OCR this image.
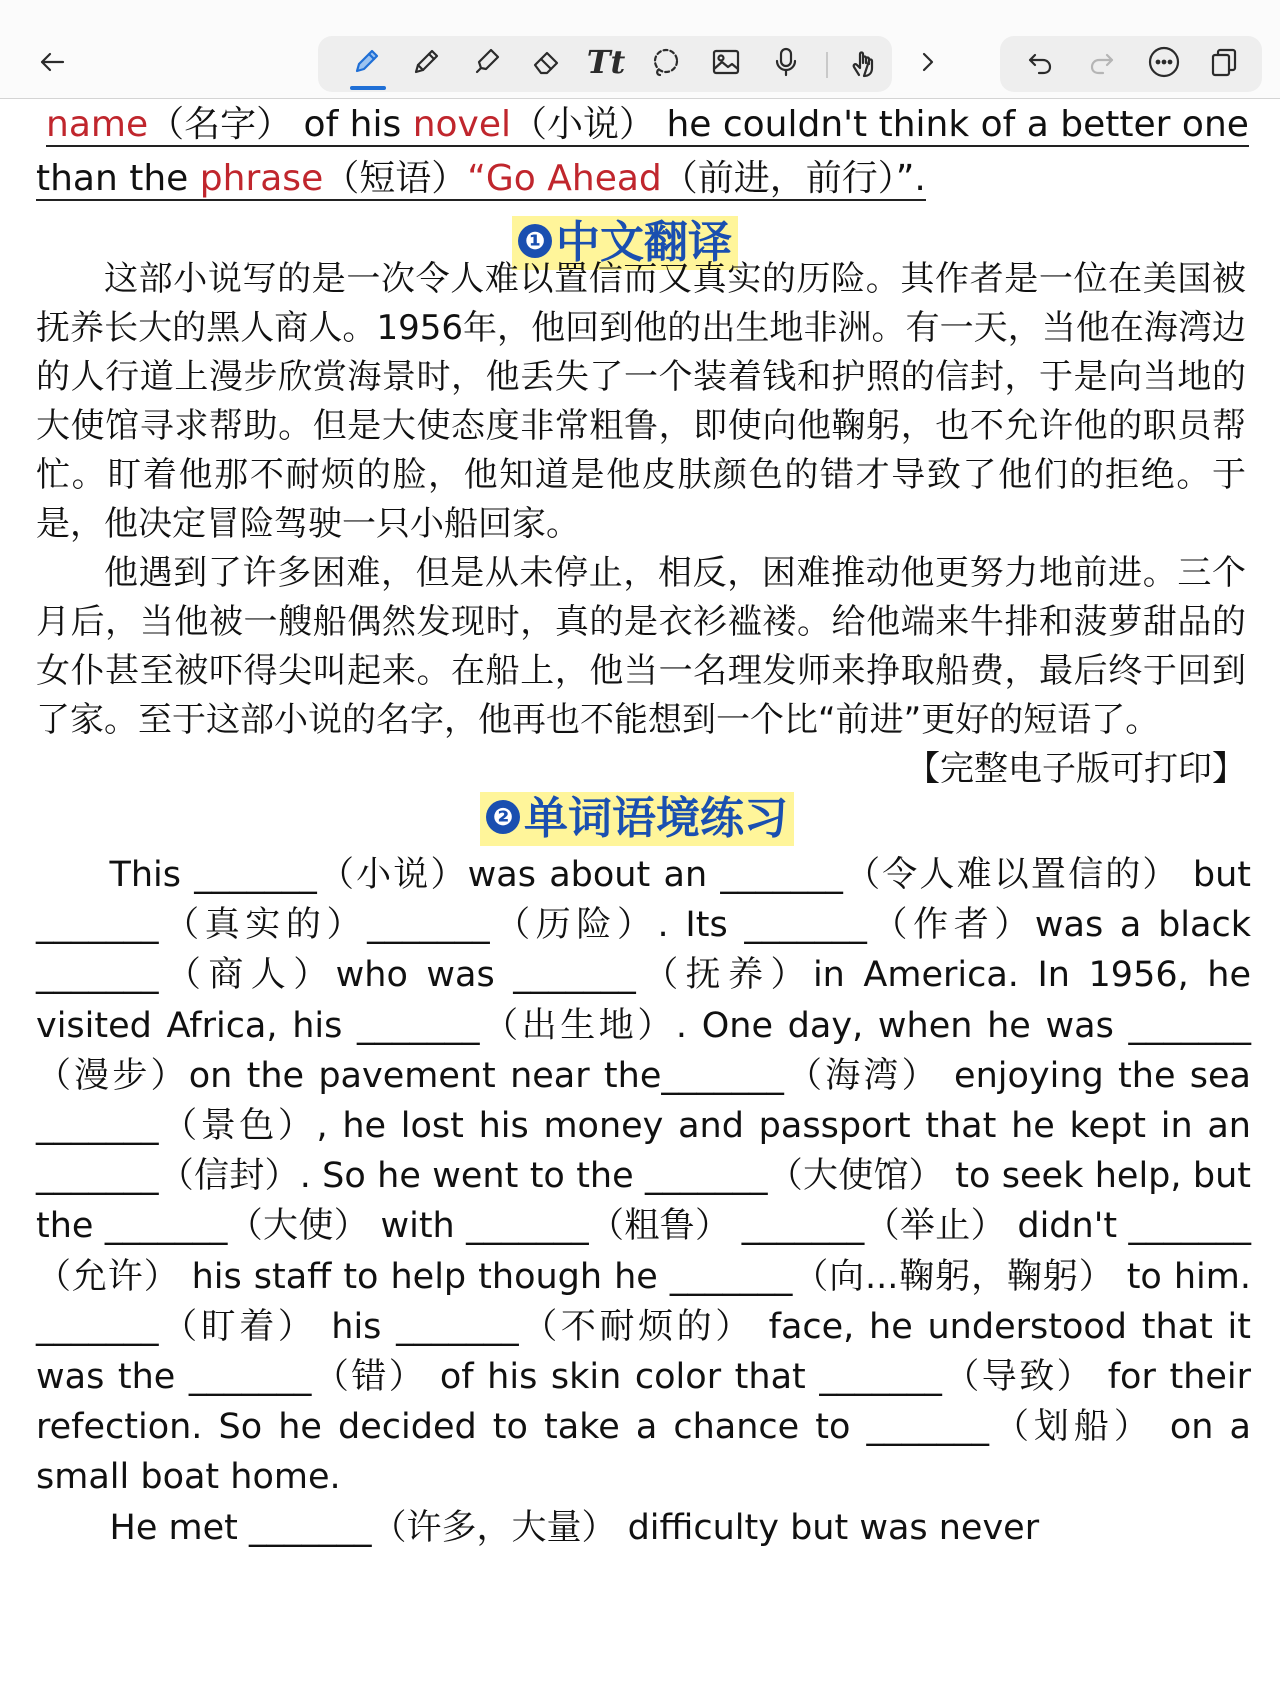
Tt
name（名字） of his novel（小说） he couldn't think of a better one
than the phrase（短语）“Go Ahead（前进，前行）”.
❶ 中文翻译

这部小说写的是一次令人难以置信而又真实的历险。其作者是一位在美国被抚养长大的黑人商人。1956年，他回到他的出生地非洲。有一天，当他在海湾边的人行道上漫步欣赏海景时，他丢失了一个装着钱和护照的信封，于是向当地的大使馆寻求帮助。但是大使态度非常粗鲁，即使向他鞠躬，也不允许他的职员帮忙。盯着他那不耐烦的脸，他知道是他皮肤颜色的错才导致了他们的拒绝。于是，他决定冒险驾驶一只小船回家。

他遇到了许多困难，但是从未停止，相反，困难推动他更努力地前进。三个月后，当他被一艘船偶然发现时，真的是衣衫褴褛。给他端来牛排和菠萝甜品的女仆甚至被吓得尖叫起来。在船上，他当一名理发师来挣取船费，最后终于回到了家。至于这部小说的名字，他再也不能想到一个比“前进”更好的短语了。
【完整电子版可打印】

❷ 单词语境练习

This _______（小说）was about an _______（令人难以置信的） but _______（真实的）_______（历险）. Its _______（作者）was a black _______（商人）who was _______（抚养）in America. In 1956, he visited Africa, his _______（出生地）. One day, when he was _______（漫步）on the pavement near the_______（海湾） enjoying the sea _______（景色）, he lost his money and passport that he kept in an _______（信封）. So he went to the _______（大使馆） to seek help, but the _______（大使） with _______（粗鲁） _______（举止） didn't _______（允许） his staff to help though he _______（向...鞠躬，鞠躬） to him. _______（盯着） his _______（不耐烦的） face, he understood that it was the _______（错） of his skin color that _______（导致） for their refection. So he decided to take a chance to _______（划船） on a small boat home.

He met _______（许多，大量） difficulty but was never
